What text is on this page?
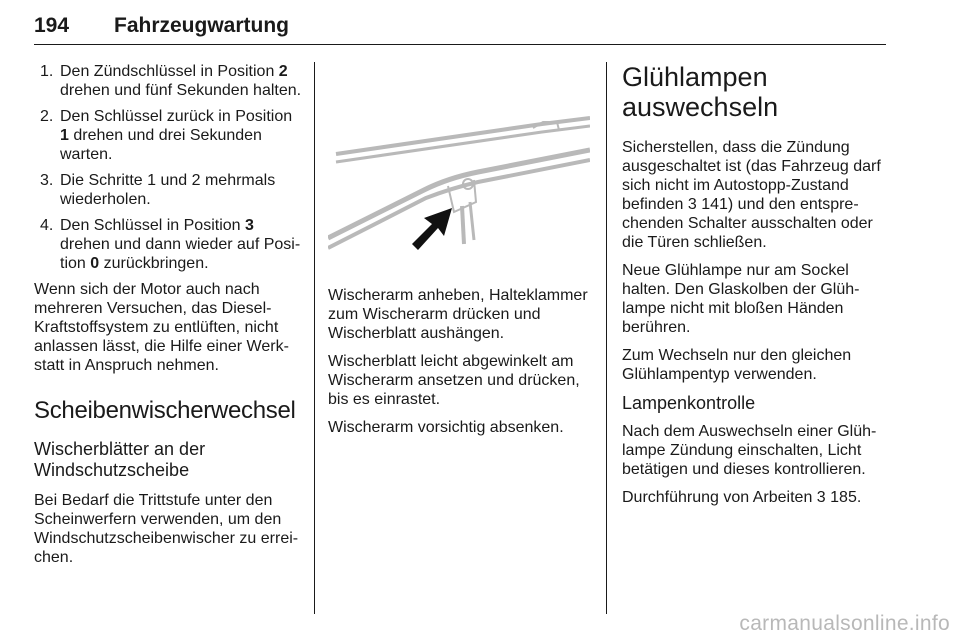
194 Fahrzeugwartung
1. Den Zündschlüssel in Position 2 drehen und fünf Sekunden halten.
2. Den Schlüssel zurück in Position 1 drehen und drei Sekunden warten.
3. Die Schritte 1 und 2 mehrmals wiederholen.
4. Den Schlüssel in Position 3 drehen und dann wieder auf Position 0 zurückbringen.

Wenn sich der Motor auch nach mehreren Versuchen, das Diesel-Kraftstoffsystem zu entlüften, nicht anlassen lässt, die Hilfe einer Werkstatt in Anspruch nehmen.

Scheibenwischerwechsel
Wischerblätter an der Windschutzscheibe

Bei Bedarf die Trittstufe unter den Scheinwerfern verwenden, um den Windschutzscheibenwischer zu erreichen.

Wischerarm anheben, Halteklammer zum Wischerarm drücken und Wischerblatt aushängen.

Wischerblatt leicht abgewinkelt am Wischerarm ansetzen und drücken, bis es einrastet.

Wischerarm vorsichtig absenken.

Glühlampen auswechseln

Sicherstellen, dass die Zündung ausgeschaltet ist (das Fahrzeug darf sich nicht im Autostopp-Zustand befinden 3 141) und den entsprechenden Schalter ausschalten oder die Türen schließen.

Neue Glühlampe nur am Sockel halten. Den Glaskolben der Glühlampe nicht mit bloßen Händen berühren.

Zum Wechseln nur den gleichen Glühlampentyp verwenden.

Lampenkontrolle

Nach dem Auswechseln einer Glühlampe Zündung einschalten, Licht betätigen und dieses kontrollieren.

Durchführung von Arbeiten 3 185.

carmanualsonline.info
